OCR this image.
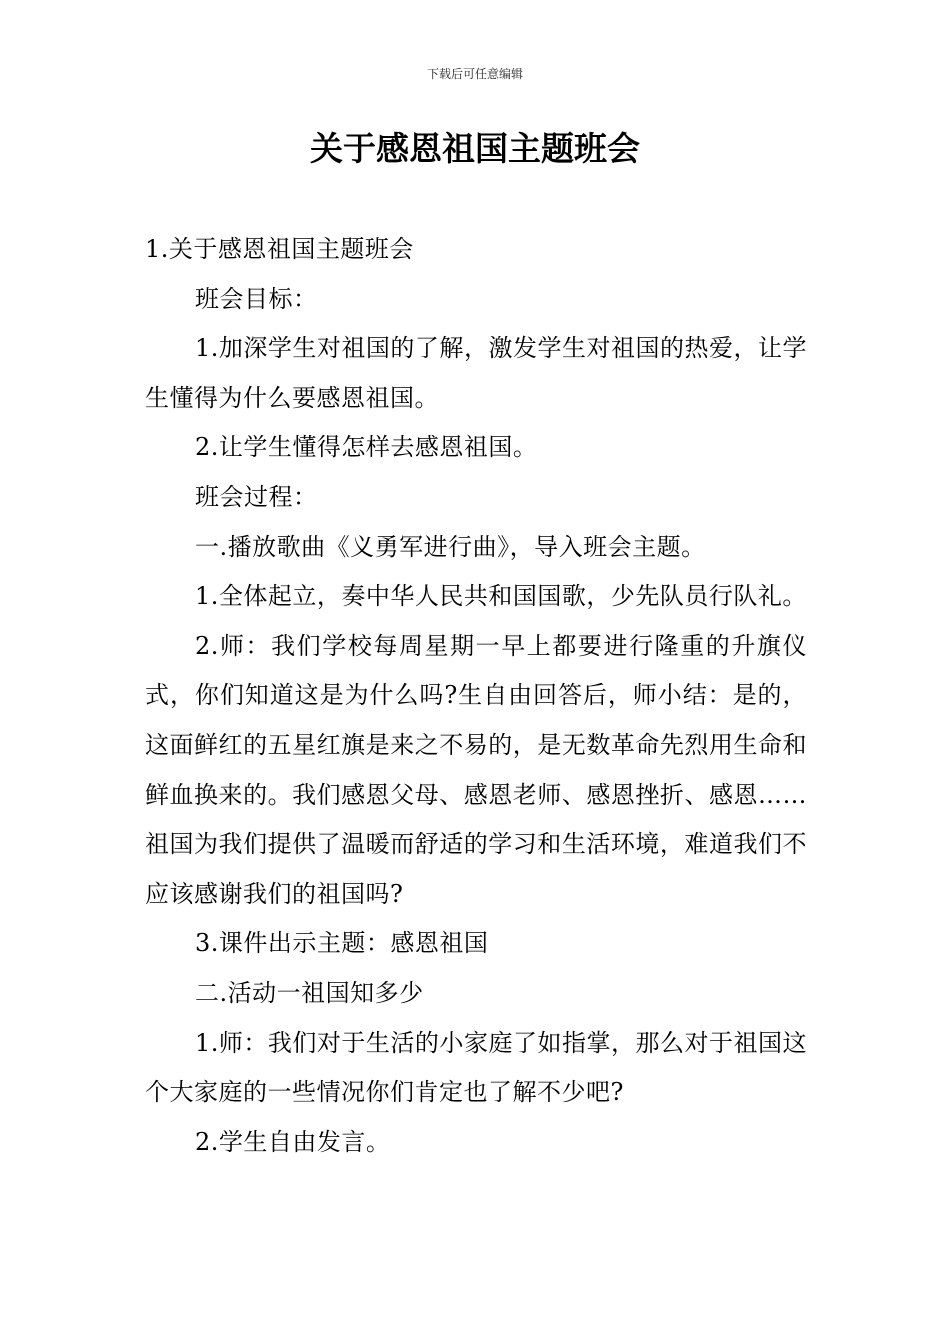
下载后可任意编辑
关于感恩祖国主题班会

1.关于感恩祖国主题班会

班会目标：

1.加深学生对祖国的了解，激发学生对祖国的热爱，让学生懂得为什么要感恩祖国。

2.让学生懂得怎样去感恩祖国。

班会过程：

一.播放歌曲《义勇军进行曲》，导入班会主题。

1.全体起立，奏中华人民共和国国歌，少先队员行队礼。

2.师：我们学校每周星期一早上都要进行隆重的升旗仪式，你们知道这是为什么吗?生自由回答后，师小结：是的，这面鲜红的五星红旗是来之不易的，是无数革命先烈用生命和鲜血换来的。我们感恩父母、感恩老师、感恩挫折、感恩……祖国为我们提供了温暖而舒适的学习和生活环境，难道我们不应该感谢我们的祖国吗?

3.课件出示主题：感恩祖国

二.活动一祖国知多少

1.师：我们对于生活的小家庭了如指掌，那么对于祖国这个大家庭的一些情况你们肯定也了解不少吧?

2.学生自由发言。
